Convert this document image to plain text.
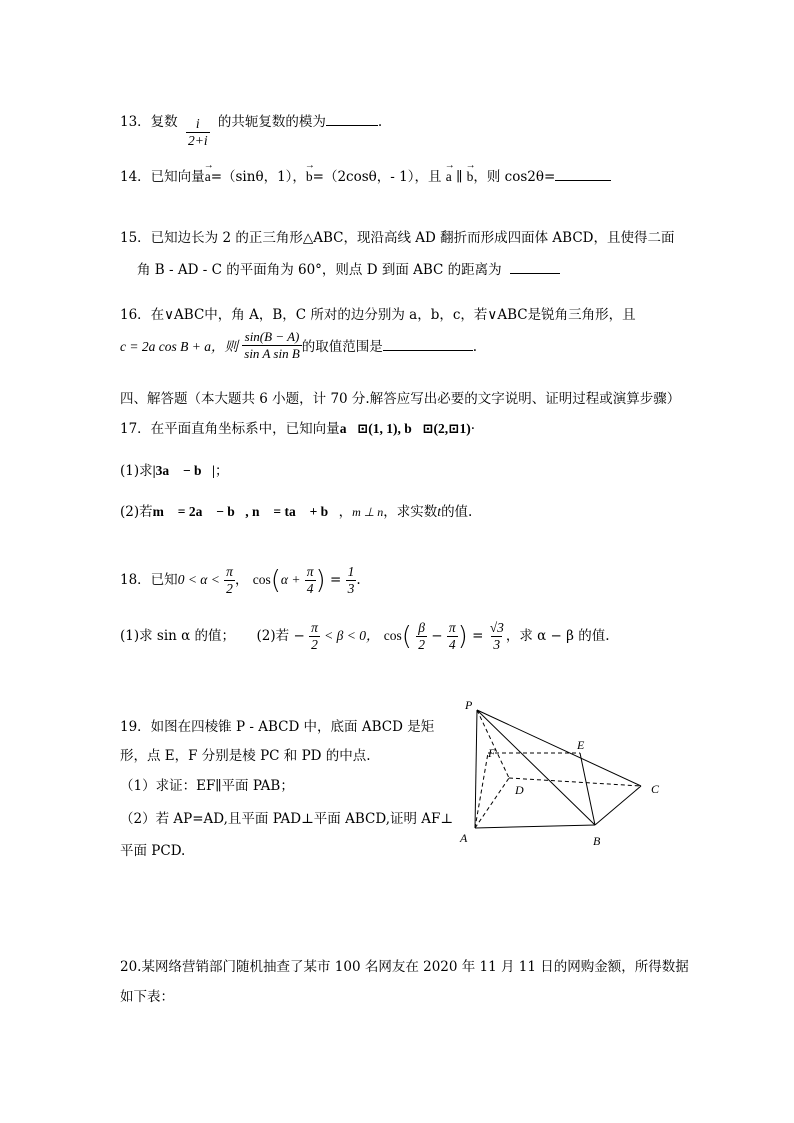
13．复数 $\frac{i}{2+i}$ 的共轭复数的模为	.
14．已知向量→ a=（sinθ，1），→ b=（2cosθ，- 1），且 → a ∥ → b，则 cos2θ=
15．已知边长为 2 的正三角形△ABC，现沿高线 AD 翻折而形成四面体 ABCD，且使得二面
角 B - AD - C 的平面角为 60°，则点 D 到面 ABC 的距离为
16．在∨ABC中，角 A，B，C 所对的边分别为 a，b，c，若∨ABC是锐角三角形，且
c = 2a cos B + a，则 $\frac{\sin(B - A)}{\text{sin A sin B}}$ 的取值范围是	.
四、解答题（本大题共 6 小题，计 70 分.解答应写出必要的文字说明、证明过程或演算步骤）
17．在平面直角坐标系中，已知向量a⃗⊡(1, 1), b⃗⊡(2,⊡1)·
(1)求|3a⃗ − b⃗|；
(2)若m⃗ = 2a⃗ − b⃗, n⃗ = ta⃗ + b⃗，m ⊥ n，求实数t的值.
18．已知$0 < \alpha < \frac{\pi}{2}$ ， $\cos(\alpha + \frac{\pi}{4}$ ) = $\frac{1}{3}$ .
(1)求 sin α 的值； (2)若 − $\frac{\pi}{2} < \beta < 0$， $\cos( \frac{\beta}{2} - \frac{\pi}{4}$ ) = $\frac{√3}{3}$ ，求 α − β 的值.
19．如图在四棱锥 P - ABCD 中，底面 ABCD 是矩
形，点 E，F 分别是棱 PC 和 PD 的中点.
（1）求证：EF∥平面 PAB；
（2）若 AP=AD,且平面 PAD⊥平面 ABCD,证明 AF⊥
平面 PCD.
P
E
F
D	C
A	B
20.某网络营销部门随机抽查了某市 100 名网友在 2020 年 11 月 11 日的网购金额，所得数据
如下表：
